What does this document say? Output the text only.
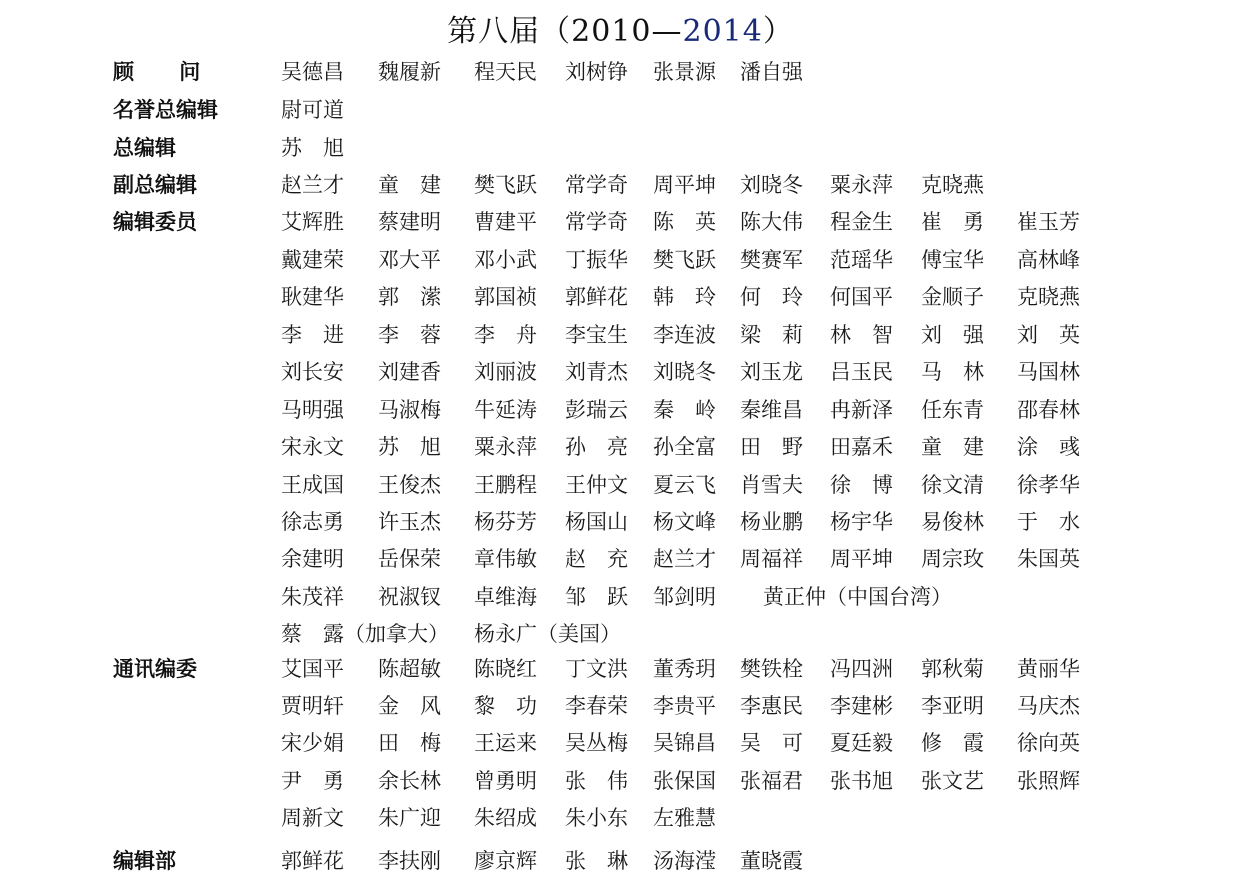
第八届（2010—2014）
顾 问	吴德昌 魏履新 程天民 刘树铮 张景源 潘自强
名誉总编辑	尉可道
总编辑	苏　旭
副总编辑	赵兰才 童　建 樊飞跃 常学奇 周平坤 刘晓冬 粟永萍 克晓燕
编辑委员	艾辉胜 蔡建明 曹建平 常学奇 陈　英 陈大伟 程金生 崔　勇 崔玉芳
戴建荣 邓大平 邓小武 丁振华 樊飞跃 樊赛军 范瑶华 傅宝华 高林峰
耿建华 郭　潆 郭国祯 郭鲜花 韩　玲 何　玲 何国平 金顺子 克晓燕
李　进 李　蓉 李　舟 李宝生 李连波 梁　莉 林　智 刘　强 刘　英
刘长安 刘建香 刘丽波 刘青杰 刘晓冬 刘玉龙 吕玉民 马　林 马国林
马明强 马淑梅 牛延涛 彭瑞云 秦　岭 秦维昌 冉新泽 任东青 邵春林
宋永文 苏　旭 粟永萍 孙　亮 孙全富 田　野 田嘉禾 童　建 涂　彧
王成国 王俊杰 王鹏程 王仲文 夏云飞 肖雪夫 徐　博 徐文清 徐孝华
徐志勇 许玉杰 杨芬芳 杨国山 杨文峰 杨业鹏 杨宇华 易俊林 于　水
余建明 岳保荣 章伟敏 赵　充 赵兰才 周福祥 周平坤 周宗玫 朱国英
朱茂祥 祝淑钗 卓维海 邹　跃 邹剑明 黄正仲（中国台湾）
蔡　露（加拿大） 杨永广（美国）
通讯编委	艾国平 陈超敏 陈晓红 丁文洪 董秀玥 樊铁栓 冯四洲 郭秋菊 黄丽华
贾明轩 金　风 黎　功 李春荣 李贵平 李惠民 李建彬 李亚明 马庆杰
宋少娟 田　梅 王运来 吴丛梅 吴锦昌 吴　可 夏廷毅 修　霞 徐向英
尹　勇 余长林 曾勇明 张　伟 张保国 张福君 张书旭 张文艺 张照辉
周新文 朱广迎 朱绍成 朱小东 左雅慧
编辑部	郭鲜花 李扶刚 廖京辉 张　琳 汤海滢 董晓霞
